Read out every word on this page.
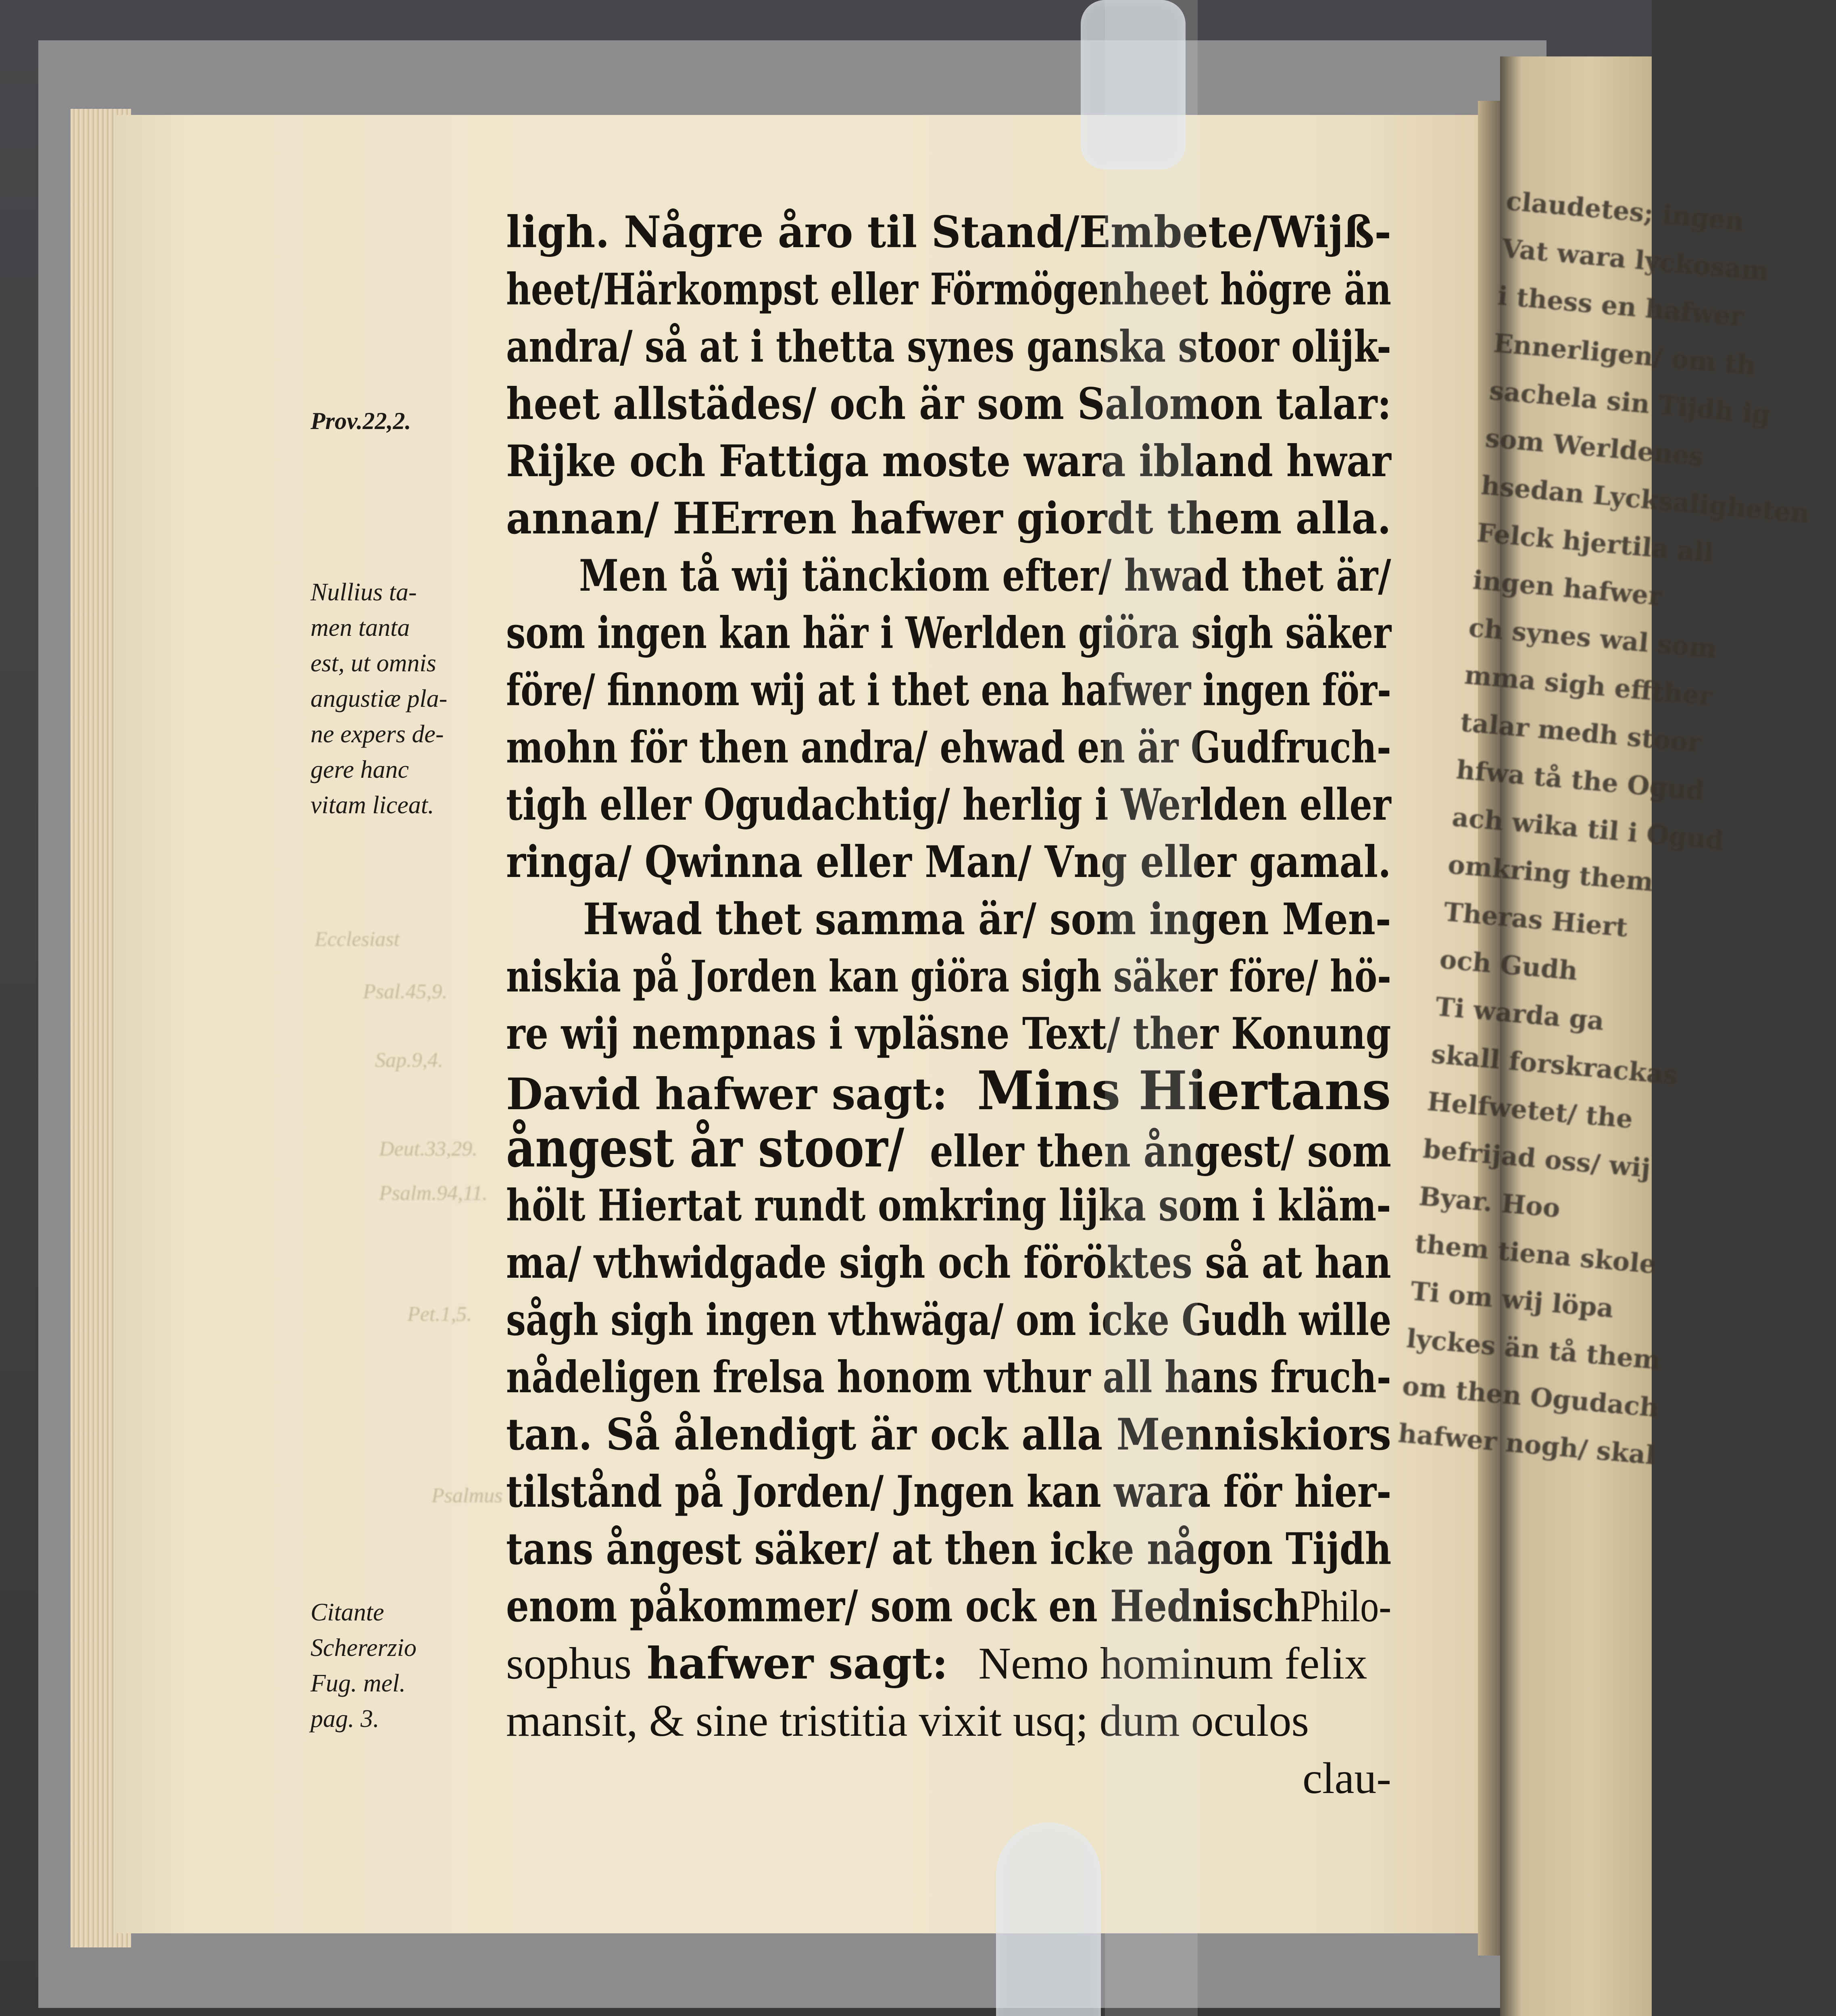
claudetes; ingen
Vat wara lyckosam
i thess en hafwer
Ennerligen/ om th
sachela sin Tijdh ig
som Werldenes
hsedan Lycksaligheten
Felck hjertila all
ingen hafwer
ch synes wal som
mma sigh effther
talar medh stoor
hfwa tå the Ogud
ach wika til i Ogud
omkring them
Theras Hiert
och Gudh
Ti warda ga
skall forskrackas
Helfwetet/ the
befrijad oss/ wij
Byar. Hoo
them tiena skole
Ti om wij löpa
lyckes än tå them
om then Ogudach
hafwer nogh/ skal
Ecclesiast
Psal.45,9.
Sap.9,4.
Deut.33,29.
Psalm.94,11.
Pet.1,5.
Psalmus
Prov.22,2.
Nullius ta-
men tanta
est, ut omnis
angustiæ pla-
ne expers de-
gere hanc
vitam liceat.
Citante
Schererzio
Fug. mel.
pag. 3.
ligh. Någre åro til Stand/Embete/Wijß-
heet/Härkompst eller Förmögenheet högre än
andra/ så at i thetta synes ganska stoor olijk-
heet allstädes/ och är som Salomon talar:
Rijke och Fattiga moste wara ibland hwar
annan/ HErren hafwer giordt them alla.
Men tå wij tänckiom efter/ hwad thet är/
som ingen kan här i Werlden giöra sigh säker
före/ finnom wij at i thet ena hafwer ingen för-
mohn för then andra/ ehwad en är Gudfruch-
tigh eller Ogudachtig/ herlig i Werlden eller
ringa/ Qwinna eller Man/ Vng eller gamal.
Hwad thet samma är/ som ingen Men-
niskia på Jorden kan giöra sigh säker före/ hö-
re wij nempnas i vpläsne Text/ ther Konung
David hafwer sagt: Mins Hiertans
ångest år stoor/ eller then ångest/ som
hölt Hiertat rundt omkring lijka som i kläm-
ma/ vthwidgade sigh och föröktes så at han
sågh sigh ingen vthwäga/ om icke Gudh wille
nådeligen frelsa honom vthur all hans fruch-
tan. Så ålendigt är ock alla Menniskiors
tilstånd på Jorden/ Jngen kan wara för hier-
tans ångest säker/ at then icke någon Tijdh
enom påkommer/ som ock en HednischPhilo-
sophus hafwer sagt: Nemo hominum felix
mansit, & sine tristitia vixit usq; dum oculos
clau-
